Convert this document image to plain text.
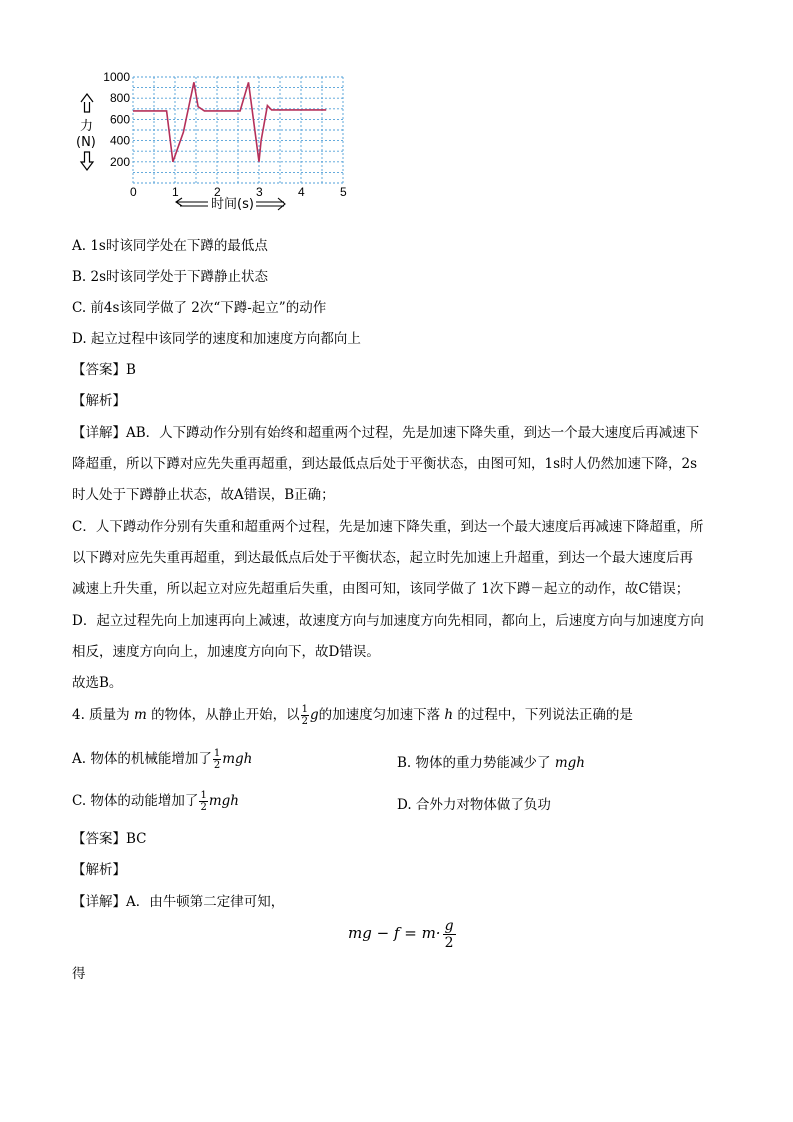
0	1	2	3	4	5
200
400
600
800
1000
力
(N)
时间(s)
A. 1s时该同学处在下蹲的最低点
B. 2s时该同学处于下蹲静止状态
C. 前4s该同学做了 2次“下蹲-起立”的动作
D. 起立过程中该同学的速度和加速度方向都向上
【答案】B
【解析】
【详解】AB．人下蹲动作分别有始终和超重两个过程，先是加速下降失重，到达一个最大速度后再减速下
降超重，所以下蹲对应先失重再超重，到达最低点后处于平衡状态，由图可知，1s时人仍然加速下降，2s
时人处于下蹲静止状态，故A错误，B正确；
C．人下蹲动作分别有失重和超重两个过程，先是加速下降失重，到达一个最大速度后再减速下降超重，所
以下蹲对应先失重再超重，到达最低点后处于平衡状态，起立时先加速上升超重，到达一个最大速度后再
减速上升失重，所以起立对应先超重后失重，由图可知，该同学做了 1次下蹲－起立的动作，故C错误；
D．起立过程先向上加速再向上减速，故速度方向与加速度方向先相同，都向上，后速度方向与加速度方向
相反，速度方向向上，加速度方向向下，故D错误。
故选B。
4. 质量为 m 的物体，从静止开始，以 $\frac{1}{2}$ g的加速度匀加速下落 h 的过程中，下列说法正确的是
A. 物体的机械能增加了 $\frac{1}{2}$ mgh	B. 物体的重力势能减少了 mgh
C. 物体的动能增加了 $\frac{1}{2}$ mgh	D. 合外力对物体做了负功
【答案】BC
【解析】
【详解】A．由牛顿第二定律可知，
mg − $f = m\cdot \frac{g}{2}$
得
